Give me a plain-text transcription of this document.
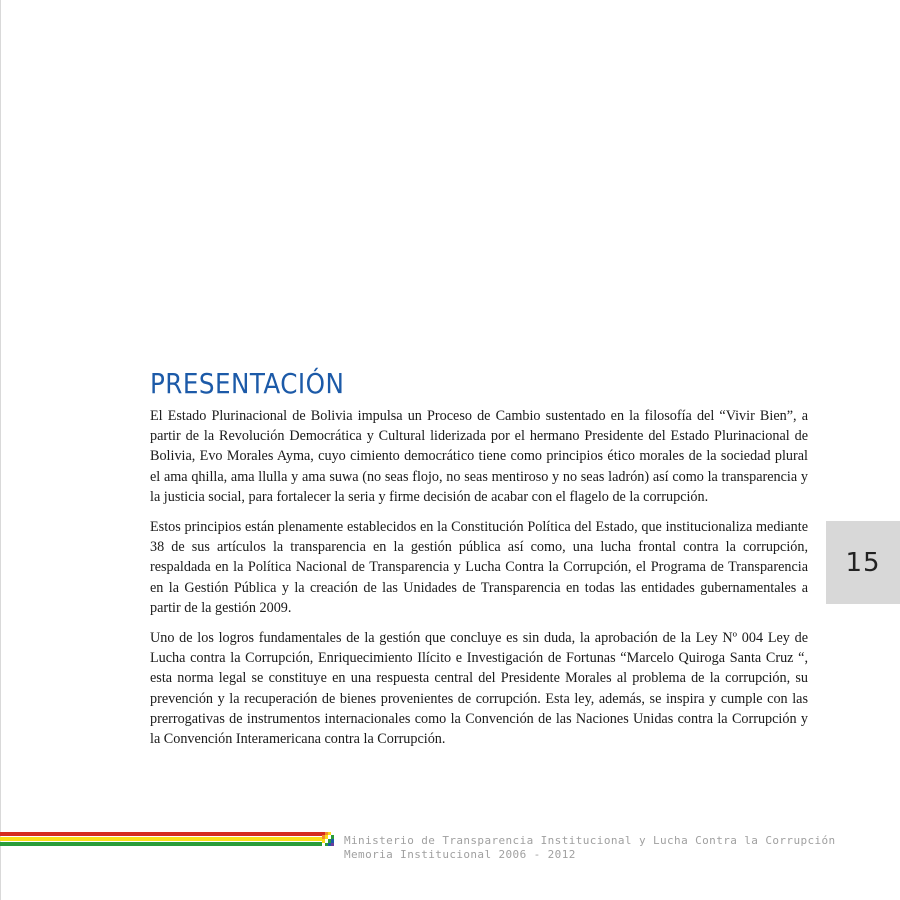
PRESENTACIÓN

El Estado Plurinacional de Bolivia impulsa un Proceso de Cambio sustentado en la filosofía del “Vivir Bien”, a partir de la Revolución Democrática y Cultural liderizada por el hermano Presidente del Estado Plurinacional de Bolivia, Evo Morales Ayma, cuyo cimiento democrático tiene como principios ético morales de la sociedad plural el ama qhilla, ama llulla y ama suwa (no seas flojo, no seas mentiroso y no seas ladrón) así como la transparencia y la justicia social, para fortalecer la seria y firme decisión de acabar con el flagelo de la corrupción.

Estos principios están plenamente establecidos en la Constitución Política del Estado, que institucionaliza mediante 38 de sus artículos la transparencia en la gestión pública así como, una lucha frontal contra la corrupción, respaldada en la Política Nacional de Transparencia y Lucha Contra la Corrupción, el Programa de Transparencia en la Gestión Pública y la creación de las Unidades de Transparencia en todas las entidades gubernamentales a partir de la gestión 2009.

Uno de los logros fundamentales de la gestión que concluye es sin duda, la aprobación de la Ley Nº 004 Ley de Lucha contra la Corrupción, Enriquecimiento Ilícito e Investigación de Fortunas “Marcelo Quiroga Santa Cruz “, esta norma legal se constituye en una respuesta central del Presidente Morales al problema de la corrupción, su prevención y la recuperación de bienes provenientes de corrupción. Esta ley, además, se inspira y cumple con las prerrogativas de instrumentos internacionales como la Convención de las Naciones Unidas contra la Corrupción y la Convención Interamericana contra la Corrupción.

15
Ministerio de Transparencia Institucional y Lucha Contra la Corrupción
Memoria Institucional 2006 - 2012
